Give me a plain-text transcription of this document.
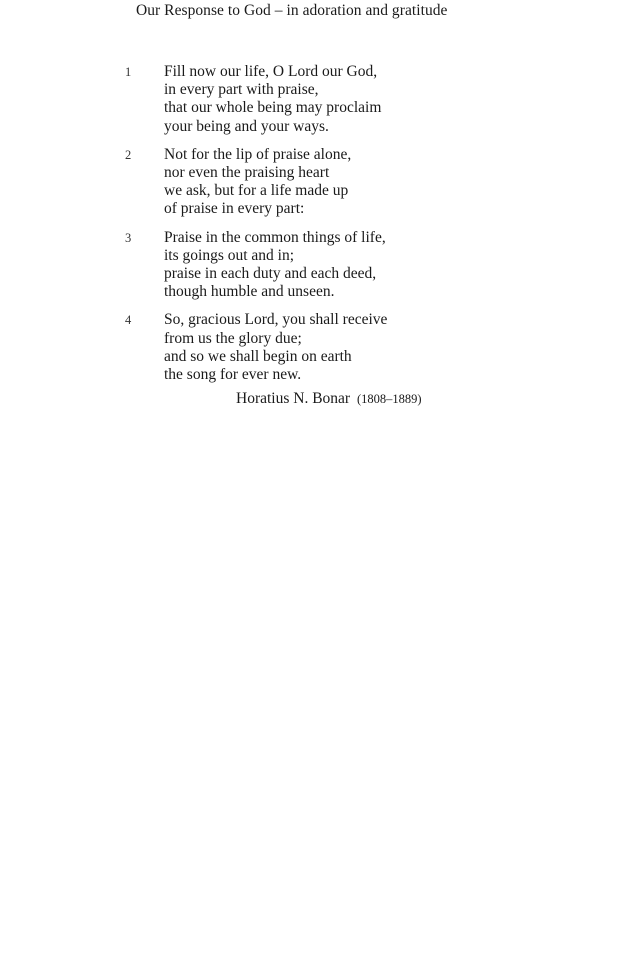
Our Response to God – in adoration and gratitude
1 Fill now our life, O Lord our God,
in every part with praise,
that our whole being may proclaim
your being and your ways.
2 Not for the lip of praise alone,
nor even the praising heart
we ask, but for a life made up
of praise in every part:
3 Praise in the common things of life,
its goings out and in;
praise in each duty and each deed,
though humble and unseen.
4 So, gracious Lord, you shall receive
from us the glory due;
and so we shall begin on earth
the song for ever new.
Horatius N. Bonar (1808–1889)
